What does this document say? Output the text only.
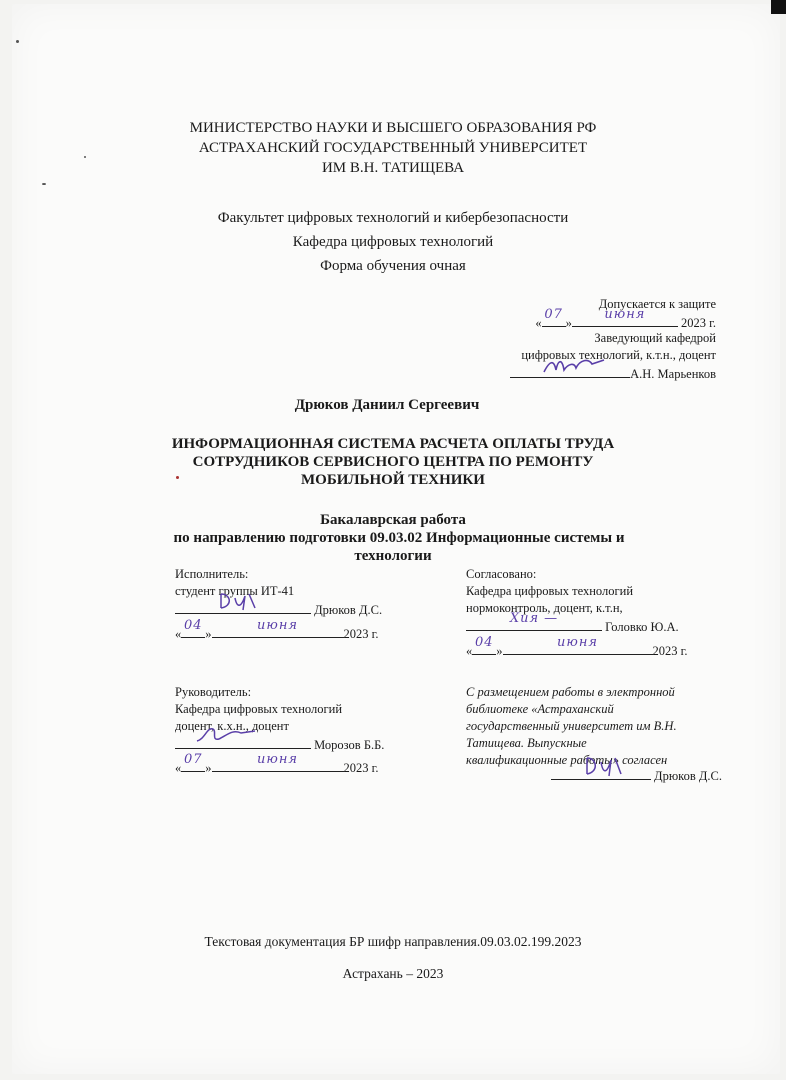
МИНИСТЕРСТВО НАУКИ И ВЫСШЕГО ОБРАЗОВАНИЯ РФ
АСТРАХАНСКИЙ ГОСУДАРСТВЕННЫЙ УНИВЕРСИТЕТ
ИМ В.Н. ТАТИЩЕВА
Факультет цифровых технологий и кибербезопасности
Кафедра цифровых технологий
Форма обучения очная
Допускается к защите
«
07
»
июня
2023 г.
Заведующий кафедрой
цифровых технологий, к.т.н., доцент
А.Н. Марьенков
Дрюков Даниил Сергеевич
ИНФОРМАЦИОННАЯ СИСТЕМА РАСЧЕТА ОПЛАТЫ ТРУДА
СОТРУДНИКОВ СЕРВИСНОГО ЦЕНТРА ПО РЕМОНТУ
МОБИЛЬНОЙ ТЕХНИКИ
Бакалаврская работа
по направлению подготовки 09.03.02 Информационные системы и
технологии
Исполнитель:
студент группы ИТ-41
Дрюков Д.С.
«
04
»
июня
2023 г.
Согласовано:
Кафедра цифровых технологий
нормоконтроль, доцент, к.т.н,
Хия —
Головко Ю.А.
«
04
»
июня
2023 г.
Руководитель:
Кафедра цифровых технологий
доцент, к.х.н., доцент
Морозов Б.Б.
«
07
»
июня
2023 г.
С размещением работы в электронной
библиотеке «Астраханский
государственный университет им В.Н.
Татищева. Выпускные
квалификационные работы» согласен
Дрюков Д.С.
Текстовая документация БР шифр направления.09.03.02.199.2023
Астрахань – 2023
